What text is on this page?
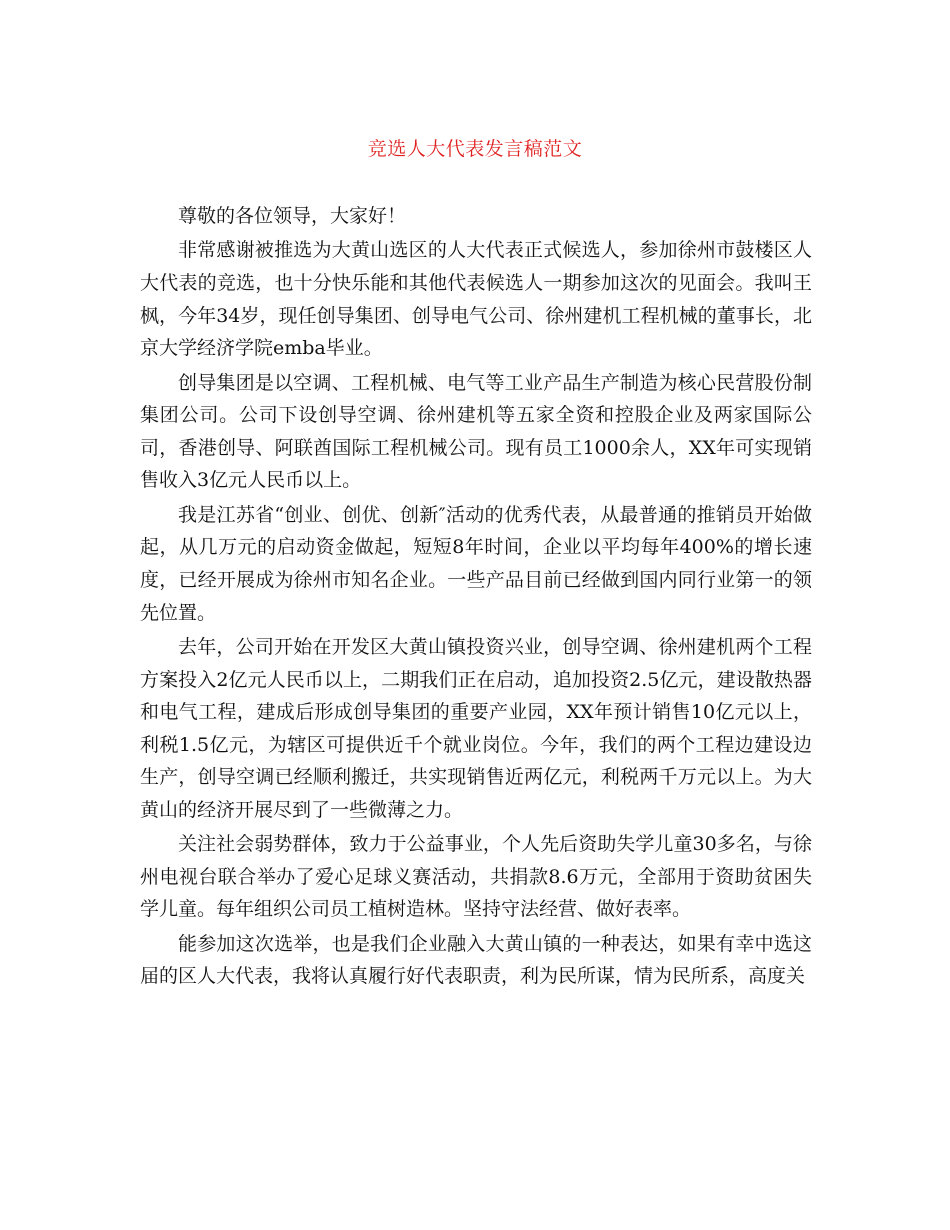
竞选人大代表发言稿范文

尊敬的各位领导，大家好！

非常感谢被推选为大黄山选区的人大代表正式候选人，参加徐州市鼓楼区人大代表的竞选，也十分快乐能和其他代表候选人一期参加这次的见面会。我叫王枫，今年34岁，现任创导集团、创导电气公司、徐州建机工程机械的董事长，北京大学经济学院emba毕业。

创导集团是以空调、工程机械、电气等工业产品生产制造为核心民营股份制集团公司。公司下设创导空调、徐州建机等五家全资和控股企业及两家国际公司，香港创导、阿联酋国际工程机械公司。现有员工1000余人，XX年可实现销售收入3亿元人民币以上。

我是江苏省“创业、创优、创新″活动的优秀代表，从最普通的推销员开始做起，从几万元的启动资金做起，短短8年时间，企业以平均每年400%的增长速度，已经开展成为徐州市知名企业。一些产品目前已经做到国内同行业第一的领先位置。

去年，公司开始在开发区大黄山镇投资兴业，创导空调、徐州建机两个工程方案投入2亿元人民币以上，二期我们正在启动，追加投资2.5亿元，建设散热器和电气工程，建成后形成创导集团的重要产业园，XX年预计销售10亿元以上，利税1.5亿元，为辖区可提供近千个就业岗位。今年，我们的两个工程边建设边生产，创导空调已经顺利搬迁，共实现销售近两亿元，利税两千万元以上。为大黄山的经济开展尽到了一些微薄之力。

关注社会弱势群体，致力于公益事业，个人先后资助失学儿童30多名，与徐州电视台联合举办了爱心足球义赛活动，共捐款8.6万元，全部用于资助贫困失学儿童。每年组织公司员工植树造林。坚持守法经营、做好表率。

能参加这次选举，也是我们企业融入大黄山镇的一种表达，如果有幸中选这届的区人大代表，我将认真履行好代表职责，利为民所谋，情为民所系，高度关
